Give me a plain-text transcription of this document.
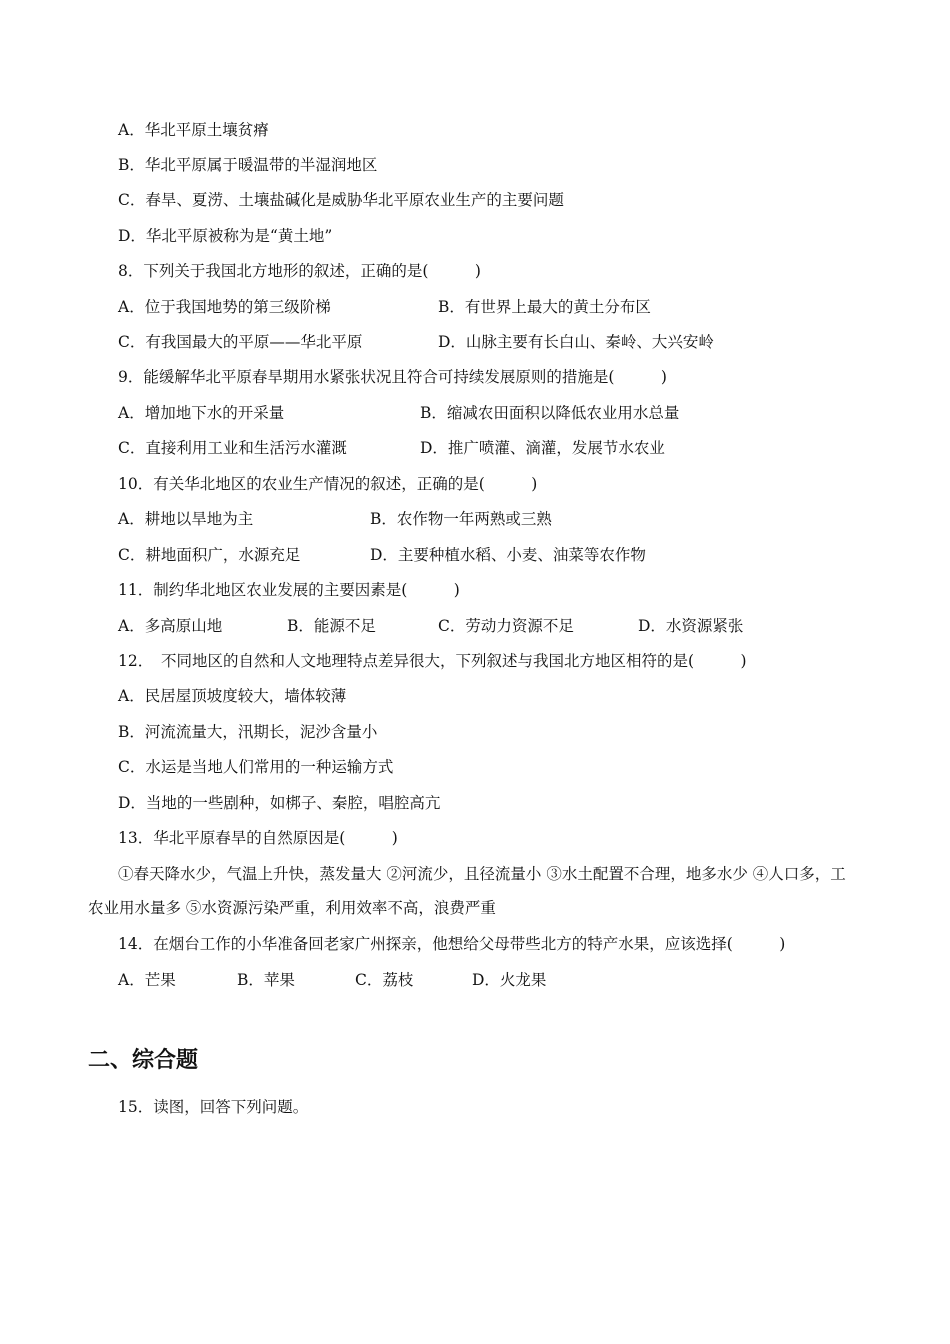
A．华北平原土壤贫瘠
B．华北平原属于暖温带的半湿润地区
C．春旱、夏涝、土壤盐碱化是威胁华北平原农业生产的主要问题
D．华北平原被称为是“黄土地”
8．下列关于我国北方地形的叙述，正确的是(　　　)
A．位于我国地势的第三级阶梯	B．有世界上最大的黄土分布区
C．有我国最大的平原——华北平原	D．山脉主要有长白山、秦岭、大兴安岭
9．能缓解华北平原春旱期用水紧张状况且符合可持续发展原则的措施是(　　　)
A．增加地下水的开采量	B．缩减农田面积以降低农业用水总量
C．直接利用工业和生活污水灌溉	D．推广喷灌、滴灌，发展节水农业
10．有关华北地区的农业生产情况的叙述，正确的是(　　　)
A．耕地以旱地为主	B．农作物一年两熟或三熟
C．耕地面积广，水源充足	D．主要种植水稻、小麦、油菜等农作物
11．制约华北地区农业发展的主要因素是(　　　)
A．多高原山地	B．能源不足	C．劳动力资源不足	D．水资源紧张
12．　不同地区的自然和人文地理特点差异很大，下列叙述与我国北方地区相符的是(　　　)
A．民居屋顶坡度较大，墙体较薄
B．河流流量大，汛期长，泥沙含量小
C．水运是当地人们常用的一种运输方式
D．当地的一些剧种，如梆子、秦腔，唱腔高亢
13．华北平原春旱的自然原因是(　　　)
①春天降水少，气温上升快，蒸发量大 ②河流少，且径流量小 ③水土配置不合理，地多水少 ④人口多，工农业用水量多 ⑤水资源污染严重，利用效率不高，浪费严重
14．在烟台工作的小华准备回老家广州探亲，他想给父母带些北方的特产水果，应该选择(　　　)
A．芒果	B．苹果	C．荔枝	D．火龙果
二、综合题
15．读图，回答下列问题。
